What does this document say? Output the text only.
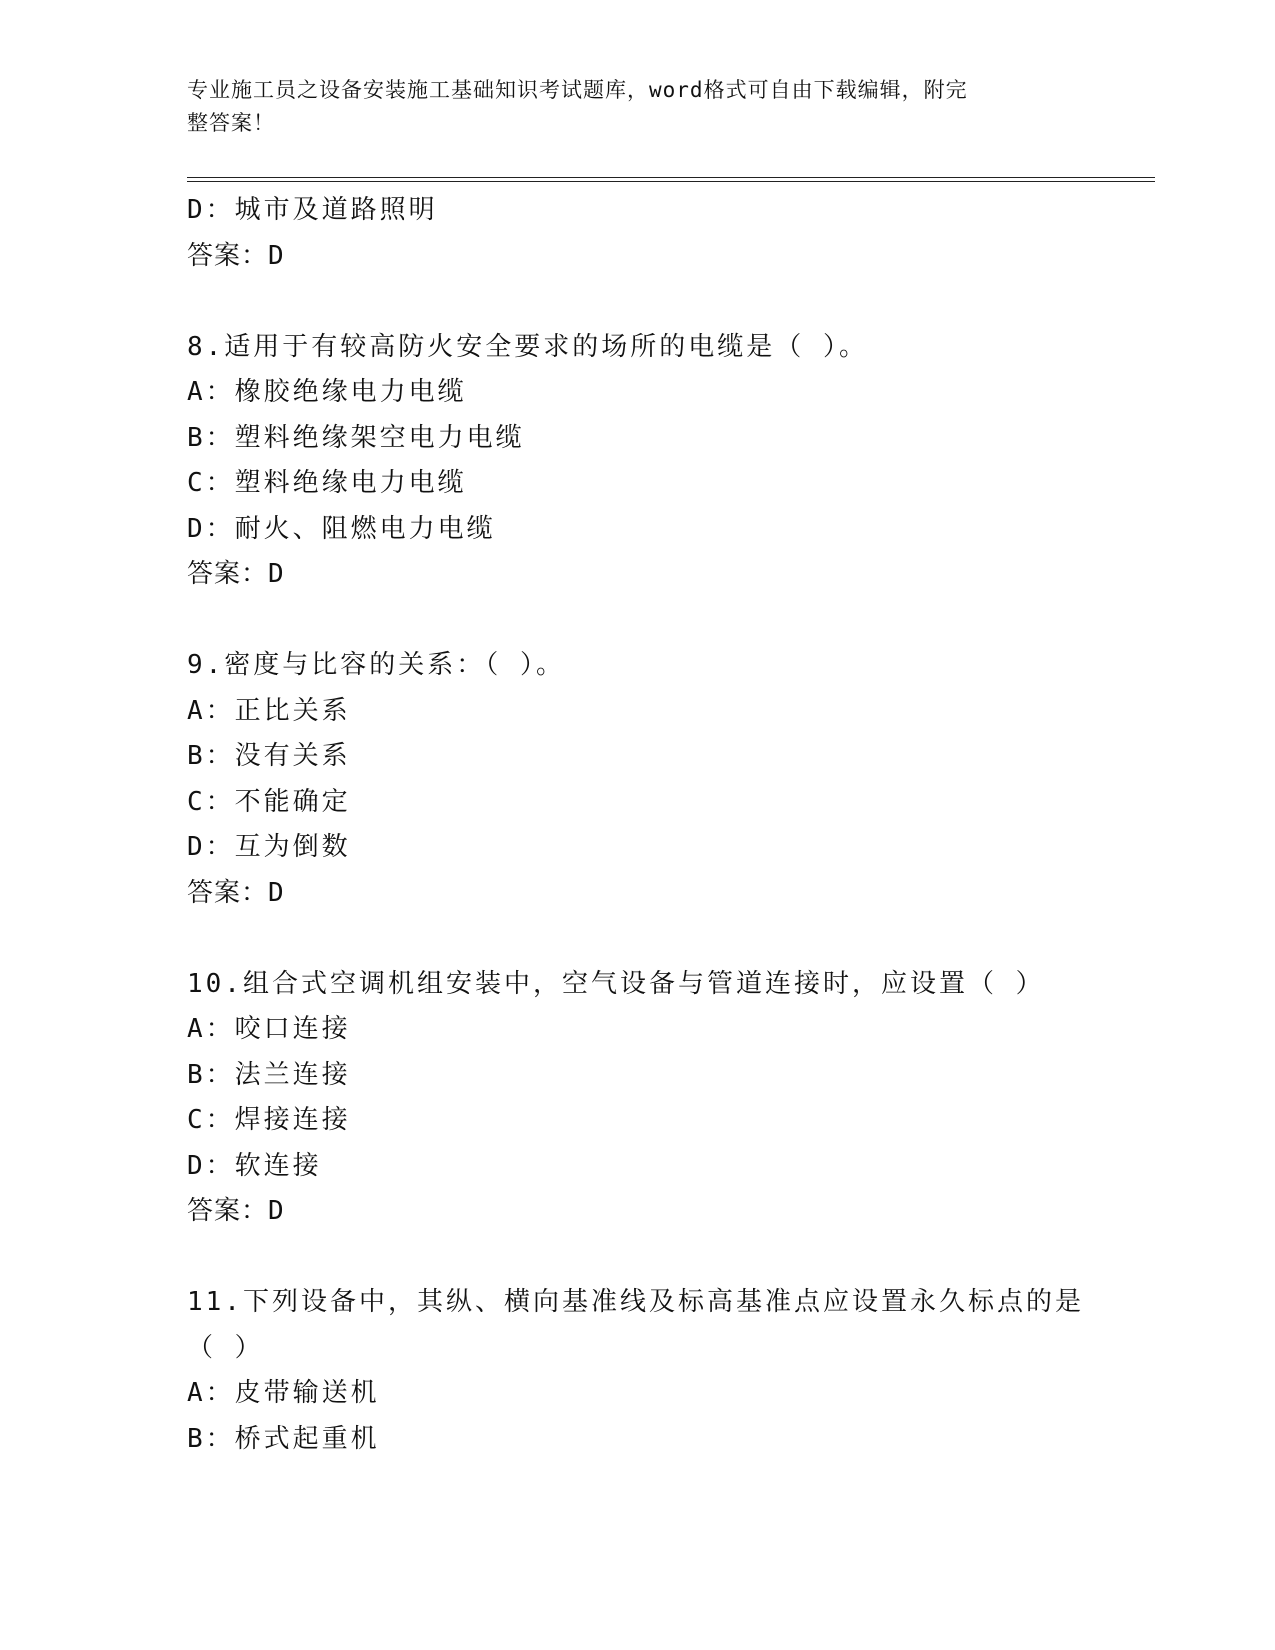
专业施工员之设备安装施工基础知识考试题库，word格式可自由下载编辑，附完
整答案！
D：城市及道路照明
答案：D
8.适用于有较高防火安全要求的场所的电缆是（ ）。
A：橡胶绝缘电力电缆
B：塑料绝缘架空电力电缆
C：塑料绝缘电力电缆
D：耐火、阻燃电力电缆
答案：D
9.密度与比容的关系：（ ）。
A：正比关系
B：没有关系
C：不能确定
D：互为倒数
答案：D
10.组合式空调机组安装中，空气设备与管道连接时，应设置（ ）
A：咬口连接
B：法兰连接
C：焊接连接
D：软连接
答案：D
11.下列设备中，其纵、横向基准线及标高基准点应设置永久标点的是
（ ）
A：皮带输送机
B：桥式起重机
